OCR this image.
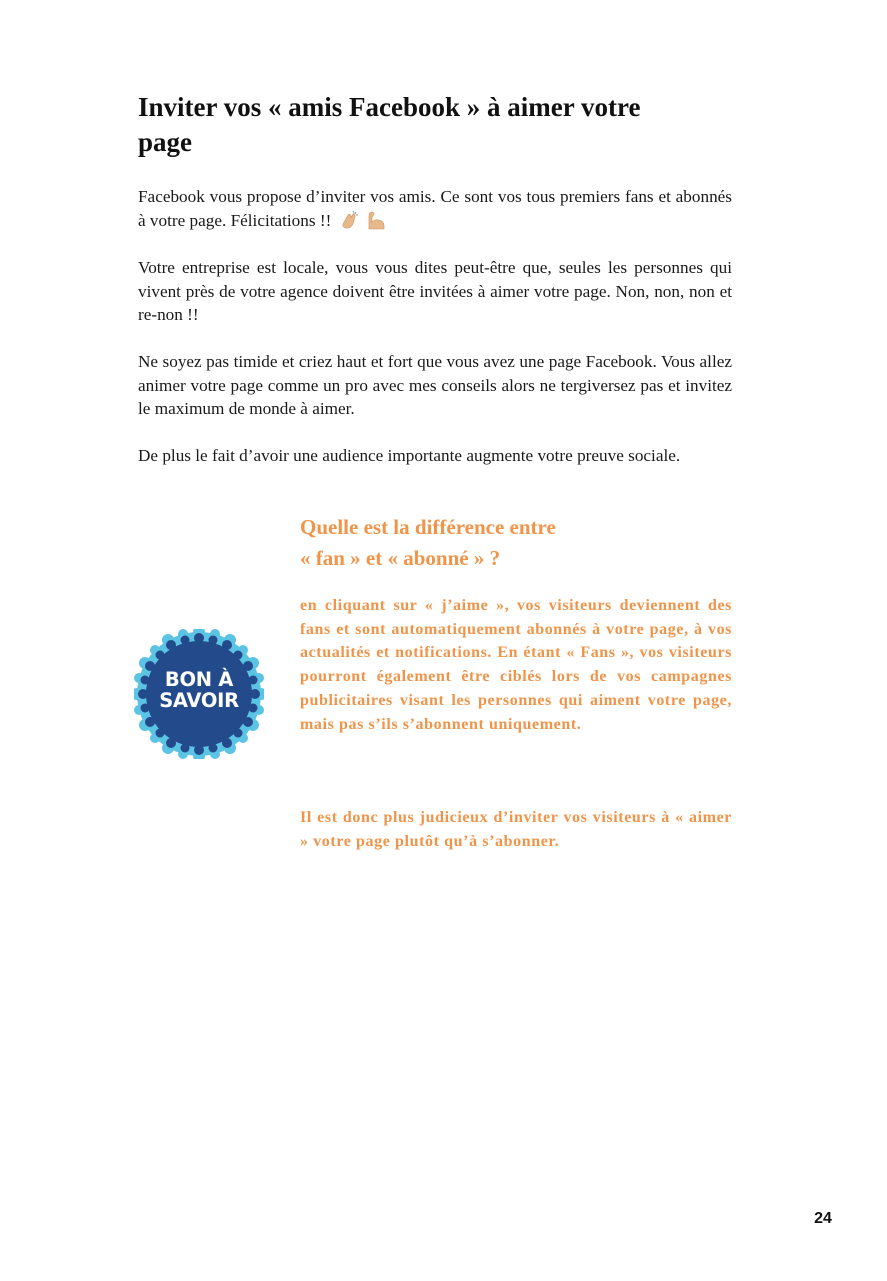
Inviter vos « amis Facebook » à aimer votre page

Facebook vous propose d’inviter vos amis. Ce sont vos tous premiers fans et abonnés à votre page. Félicitations !!

Votre entreprise est locale, vous vous dites peut-être que, seules les personnes qui vivent près de votre agence doivent être invitées à aimer votre page. Non, non, non et re-non !!

Ne soyez pas timide et criez haut et fort que vous avez une page Facebook. Vous allez animer votre page comme un pro avec mes conseils alors ne tergiversez pas et invitez le maximum de monde à aimer.

De plus le fait d’avoir une audience importante augmente votre preuve sociale.

BON À
SAVOIR
Quelle est la différence entre
« fan » et « abonné » ?

en cliquant sur « j’aime », vos visiteurs deviennent des fans et sont automatiquement abonnés à votre page, à vos actualités et notifications. En étant « Fans », vos visiteurs pourront également être ciblés lors de vos campagnes publicitaires visant les personnes qui aiment votre page, mais pas s’ils s’abonnent uniquement.

Il est donc plus judicieux d’inviter vos visiteurs à « aimer » votre page plutôt qu’à s’abonner.

24
